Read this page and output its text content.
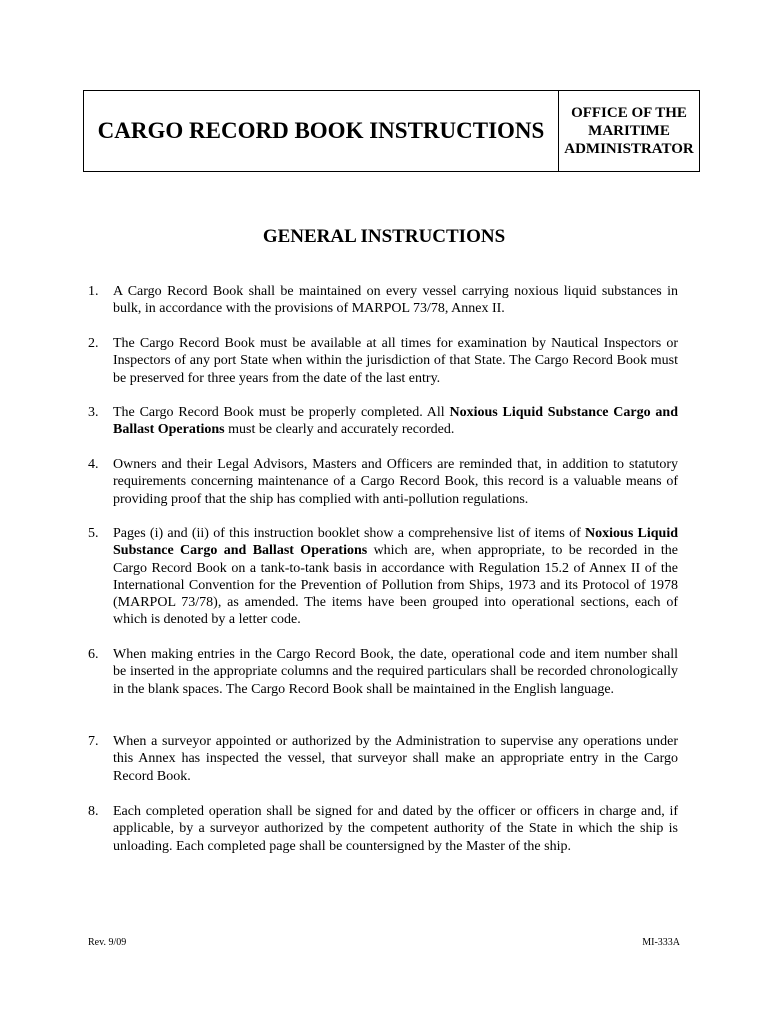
CARGO RECORD BOOK INSTRUCTIONS
OFFICE OF THE
MARITIME
ADMINISTRATOR
GENERAL INSTRUCTIONS
1. A Cargo Record Book shall be maintained on every vessel carrying noxious liquid substances in bulk, in accordance with the provisions of MARPOL 73/78, Annex II.
2. The Cargo Record Book must be available at all times for examination by Nautical Inspectors or Inspectors of any port State when within the jurisdiction of that State. The Cargo Record Book must be preserved for three years from the date of the last entry.
3. The Cargo Record Book must be properly completed. All Noxious Liquid Substance Cargo and Ballast Operations must be clearly and accurately recorded.
4. Owners and their Legal Advisors, Masters and Officers are reminded that, in addition to statutory requirements concerning maintenance of a Cargo Record Book, this record is a valuable means of providing proof that the ship has complied with anti-pollution regulations.
5. Pages (i) and (ii) of this instruction booklet show a comprehensive list of items of Noxious Liquid Substance Cargo and Ballast Operations which are, when appropriate, to be recorded in the Cargo Record Book on a tank-to-tank basis in accordance with Regulation 15.2 of Annex II of the International Convention for the Prevention of Pollution from Ships, 1973 and its Protocol of 1978 (MARPOL 73/78), as amended. The items have been grouped into operational sections, each of which is denoted by a letter code.
6. When making entries in the Cargo Record Book, the date, operational code and item number shall be inserted in the appropriate columns and the required particulars shall be recorded chronologically in the blank spaces. The Cargo Record Book shall be maintained in the English language.
7. When a surveyor appointed or authorized by the Administration to supervise any operations under this Annex has inspected the vessel, that surveyor shall make an appropriate entry in the Cargo Record Book.
8. Each completed operation shall be signed for and dated by the officer or officers in charge and, if applicable, by a surveyor authorized by the competent authority of the State in which the ship is unloading. Each completed page shall be countersigned by the Master of the ship.
Rev. 9/09	MI-333A
